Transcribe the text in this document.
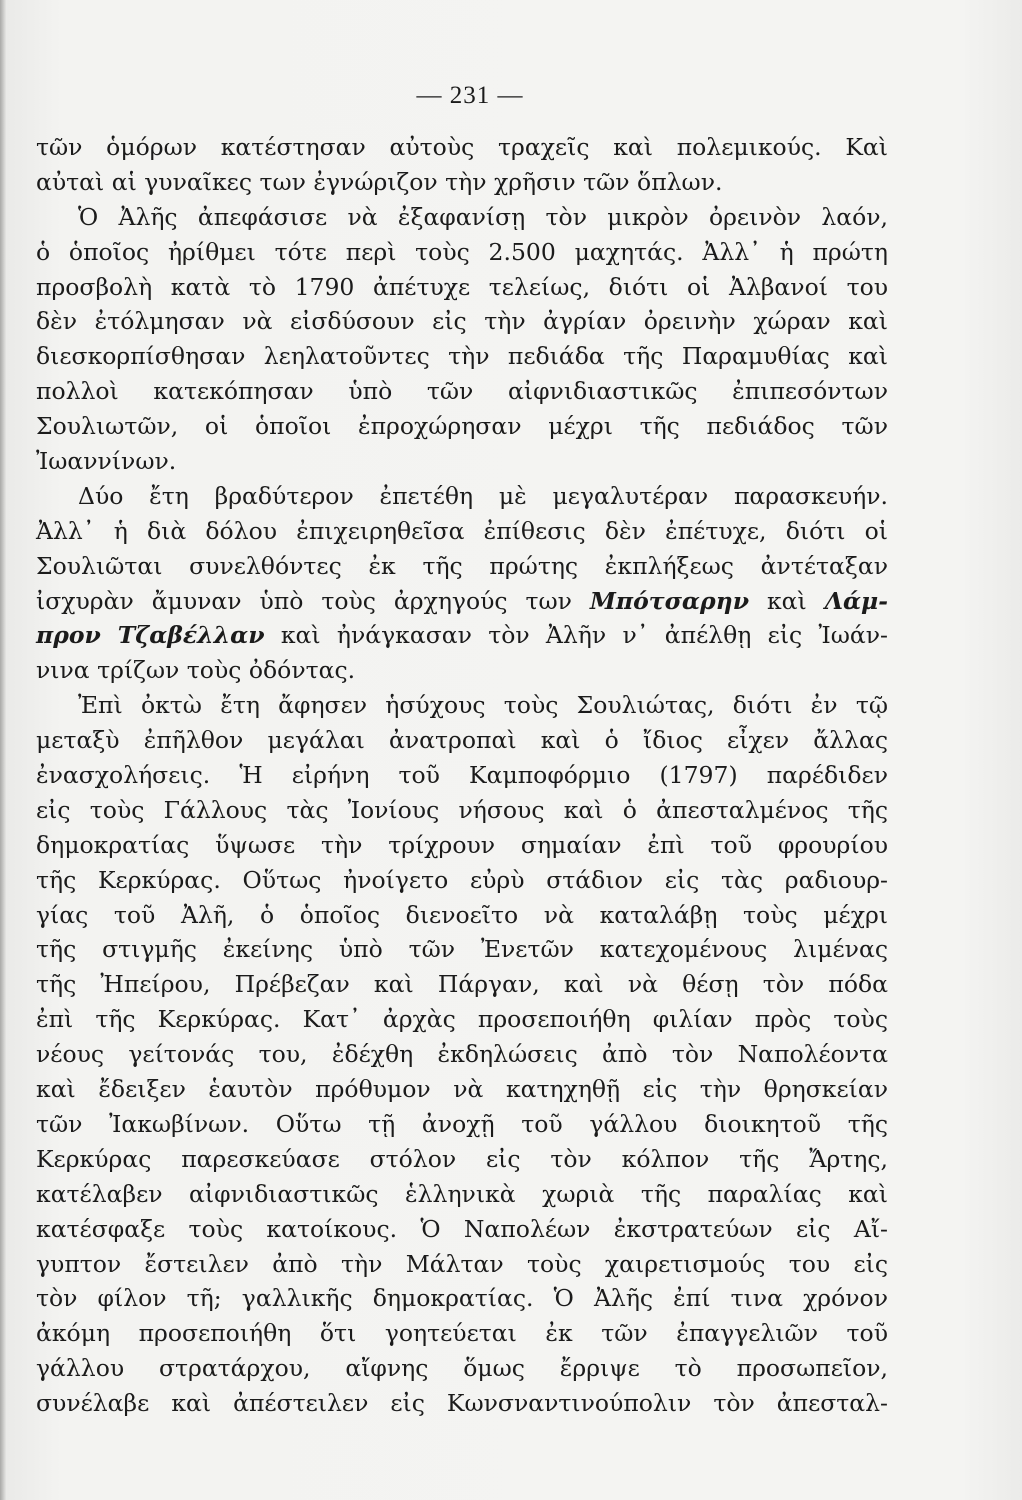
— 231 —
τῶν ὁμόρων κατέστησαν αὐτοὺς τραχεῖς καὶ πολεμικούς. Καὶ
αὐταὶ αἱ γυναῖκες των ἐγνώριζον τὴν χρῆσιν τῶν ὅπλων.
Ὁ Ἀλῆς ἀπεφάσισε νὰ ἐξαφανίσῃ τὸν μικρὸν ὀρεινὸν λαόν,
ὁ ὁποῖος ἠρίθμει τότε περὶ τοὺς 2.500 μαχητάς. Ἀλλ᾽ ἡ πρώτη
προσβολὴ κατὰ τὸ 1790 ἀπέτυχε τελείως, διότι οἱ Ἀλβανοί του
δὲν ἐτόλμησαν νὰ εἰσδύσουν εἰς τὴν ἀγρίαν ὀρεινὴν χώραν καὶ
διεσκορπίσθησαν λεηλατοῦντες τὴν πεδιάδα τῆς Παραμυθίας καὶ
πολλοὶ κατεκόπησαν ὑπὸ τῶν αἰφνιδιαστικῶς ἐπιπεσόντων
Σουλιωτῶν, οἱ ὁποῖοι ἐπροχώρησαν μέχρι τῆς πεδιάδος τῶν
Ἰωαννίνων.
Δύο ἔτη βραδύτερον ἐπετέθη μὲ μεγαλυτέραν παρασκευήν.
Ἀλλ᾽ ἡ διὰ δόλου ἐπιχειρηθεῖσα ἐπίθεσις δὲν ἐπέτυχε, διότι οἱ
Σουλιῶται συνελθόντες ἐκ τῆς πρώτης ἐκπλήξεως ἀντέταξαν
ἰσχυρὰν ἄμυναν ὑπὸ τοὺς ἀρχηγούς των Μπότσαρην καὶ Λάμ-
προν Τζαβέλλαν καὶ ἠνάγκασαν τὸν Ἀλῆν ν᾽ ἀπέλθῃ εἰς Ἰωάν-
νινα τρίζων τοὺς ὀδόντας.
Ἐπὶ ὀκτὼ ἔτη ἄφησεν ἡσύχους τοὺς Σουλιώτας, διότι ἐν τῷ
μεταξὺ ἐπῆλθον μεγάλαι ἀνατροπαὶ καὶ ὁ ἴδιος εἶχεν ἄλλας
ἐνασχολήσεις. Ἡ εἰρήνη τοῦ Καμποφόρμιο (1797) παρέδιδεν
εἰς τοὺς Γάλλους τὰς Ἰονίους νήσους καὶ ὁ ἀπεσταλμένος τῆς
δημοκρατίας ὕψωσε τὴν τρίχρουν σημαίαν ἐπὶ τοῦ φρουρίου
τῆς Κερκύρας. Οὕτως ἠνοίγετο εὐρὺ στάδιον εἰς τὰς ραδιουρ-
γίας τοῦ Ἀλῆ, ὁ ὁποῖος διενοεῖτο νὰ καταλάβῃ τοὺς μέχρι
τῆς στιγμῆς ἐκείνης ὑπὸ τῶν Ἐνετῶν κατεχομένους λιμένας
τῆς Ἠπείρου, Πρέβεζαν καὶ Πάργαν, καὶ νὰ θέσῃ τὸν πόδα
ἐπὶ τῆς Κερκύρας. Κατ᾽ ἀρχὰς προσεποιήθη φιλίαν πρὸς τοὺς
νέους γείτονάς του, ἐδέχθη ἐκδηλώσεις ἀπὸ τὸν Ναπολέοντα
καὶ ἔδειξεν ἑαυτὸν πρόθυμον νὰ κατηχηθῇ εἰς τὴν θρησκείαν
τῶν Ἰακωβίνων. Οὕτω τῇ ἀνοχῇ τοῦ γάλλου διοικητοῦ τῆς
Κερκύρας παρεσκεύασε στόλον εἰς τὸν κόλπον τῆς Ἄρτης,
κατέλαβεν αἰφνιδιαστικῶς ἑλληνικὰ χωριὰ τῆς παραλίας καὶ
κατέσφαξε τοὺς κατοίκους. Ὁ Ναπολέων ἐκστρατεύων εἰς Αἴ-
γυπτον ἔστειλεν ἀπὸ τὴν Μάλταν τοὺς χαιρετισμούς του εἰς
τὸν φίλον τῆ; γαλλικῆς δημοκρατίας. Ὁ Ἀλῆς ἐπί τινα χρόνον
ἀκόμη προσεποιήθη ὅτι γοητεύεται ἐκ τῶν ἐπαγγελιῶν τοῦ
γάλλου στρατάρχου, αἴφνης ὅμως ἔρριψε τὸ προσωπεῖον,
συνέλαβε καὶ ἀπέστειλεν εἰς Κωνσναντινούπολιν τὸν ἀπεσταλ-
